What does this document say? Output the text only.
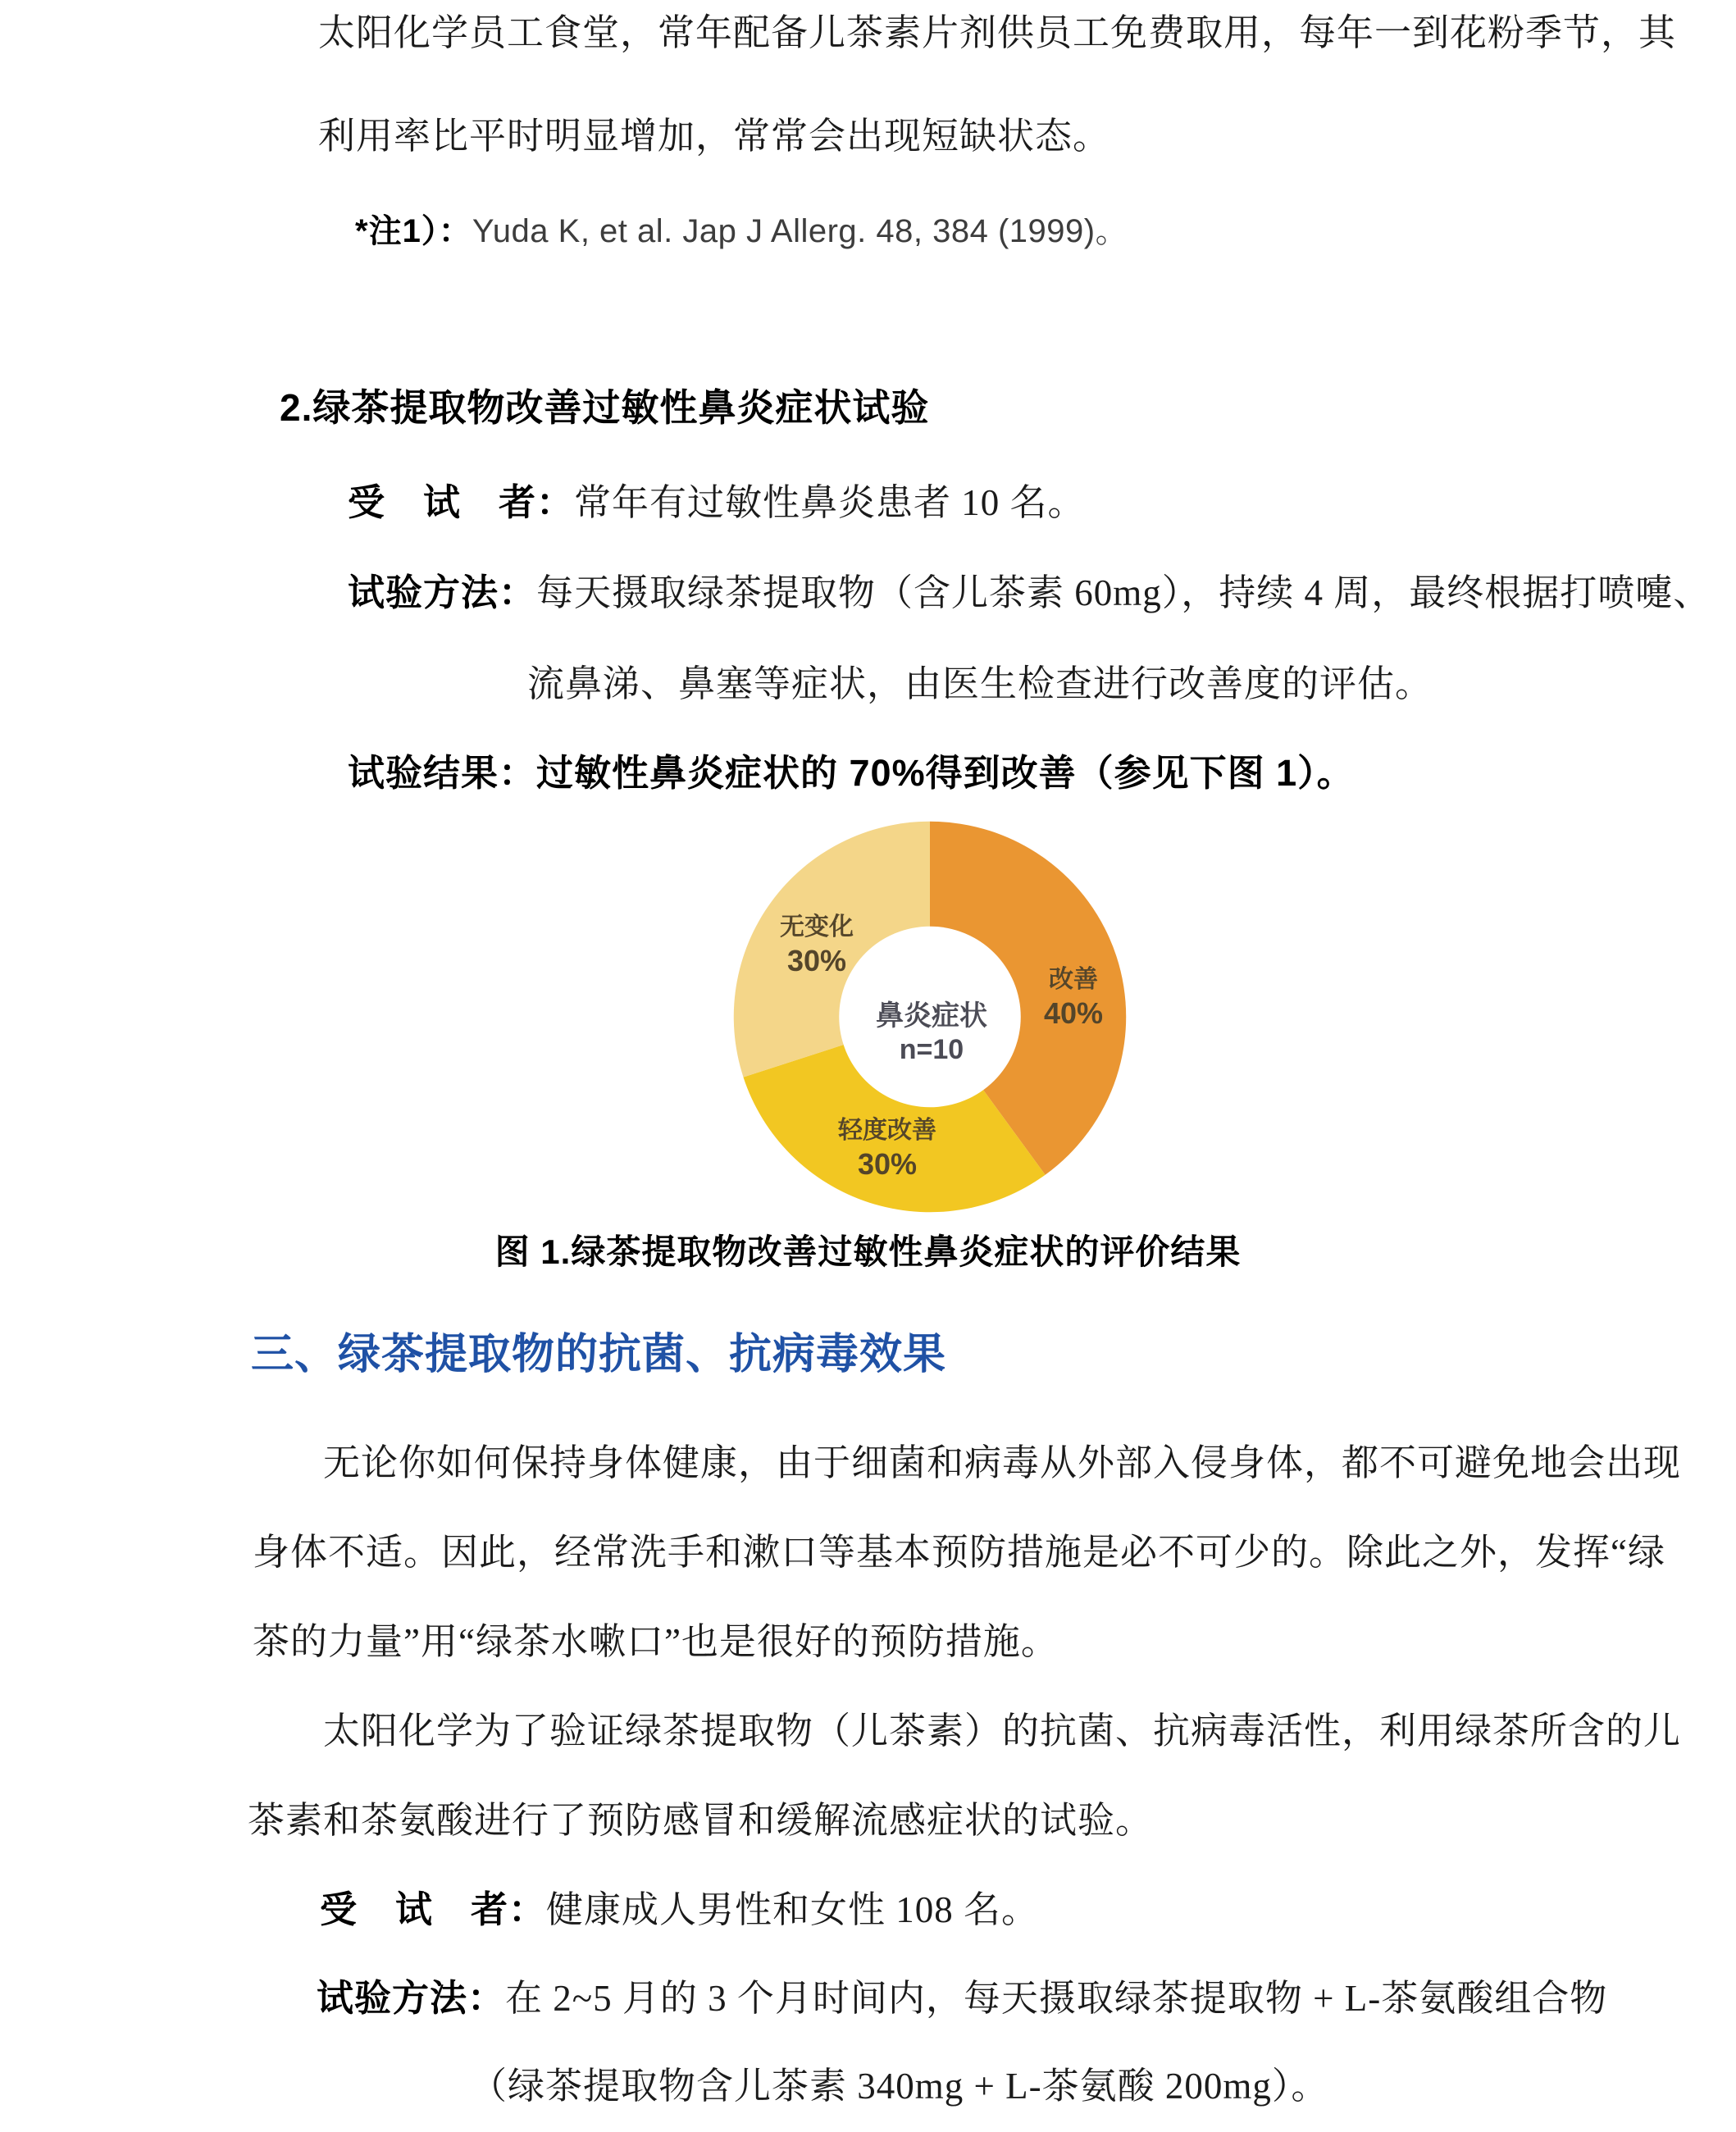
太阳化学员工食堂，常年配备儿茶素片剂供员工免费取用，每年一到花粉季节，其
利用率比平时明显增加，常常会出现短缺状态。
*注1）：Yuda K, et al. Jap J Allerg. 48, 384 (1999)。
2.绿茶提取物改善过敏性鼻炎症状试验
受　试　者：常年有过敏性鼻炎患者 10 名。
试验方法：每天摄取绿茶提取物（含儿茶素 60mg），持续 4 周，最终根据打喷嚏、
流鼻涕、鼻塞等症状，由医生检查进行改善度的评估。
试验结果：过敏性鼻炎症状的 70%得到改善（参见下图 1）。
无变化
30%
改善
40%
轻度改善
30%
鼻炎症状
n=10
图 1.绿茶提取物改善过敏性鼻炎症状的评价结果
三、绿茶提取物的抗菌、抗病毒效果
无论你如何保持身体健康，由于细菌和病毒从外部入侵身体，都不可避免地会出现
身体不适。因此，经常洗手和漱口等基本预防措施是必不可少的。除此之外，发挥“绿
茶的力量”用“绿茶水嗽口”也是很好的预防措施。
太阳化学为了验证绿茶提取物（儿茶素）的抗菌、抗病毒活性，利用绿茶所含的儿
茶素和茶氨酸进行了预防感冒和缓解流感症状的试验。
受　试　者：健康成人男性和女性 108 名。
试验方法：在 2~5 月的 3 个月时间内，每天摄取绿茶提取物 + L-茶氨酸组合物
（绿茶提取物含儿茶素 340mg + L-茶氨酸 200mg）。
